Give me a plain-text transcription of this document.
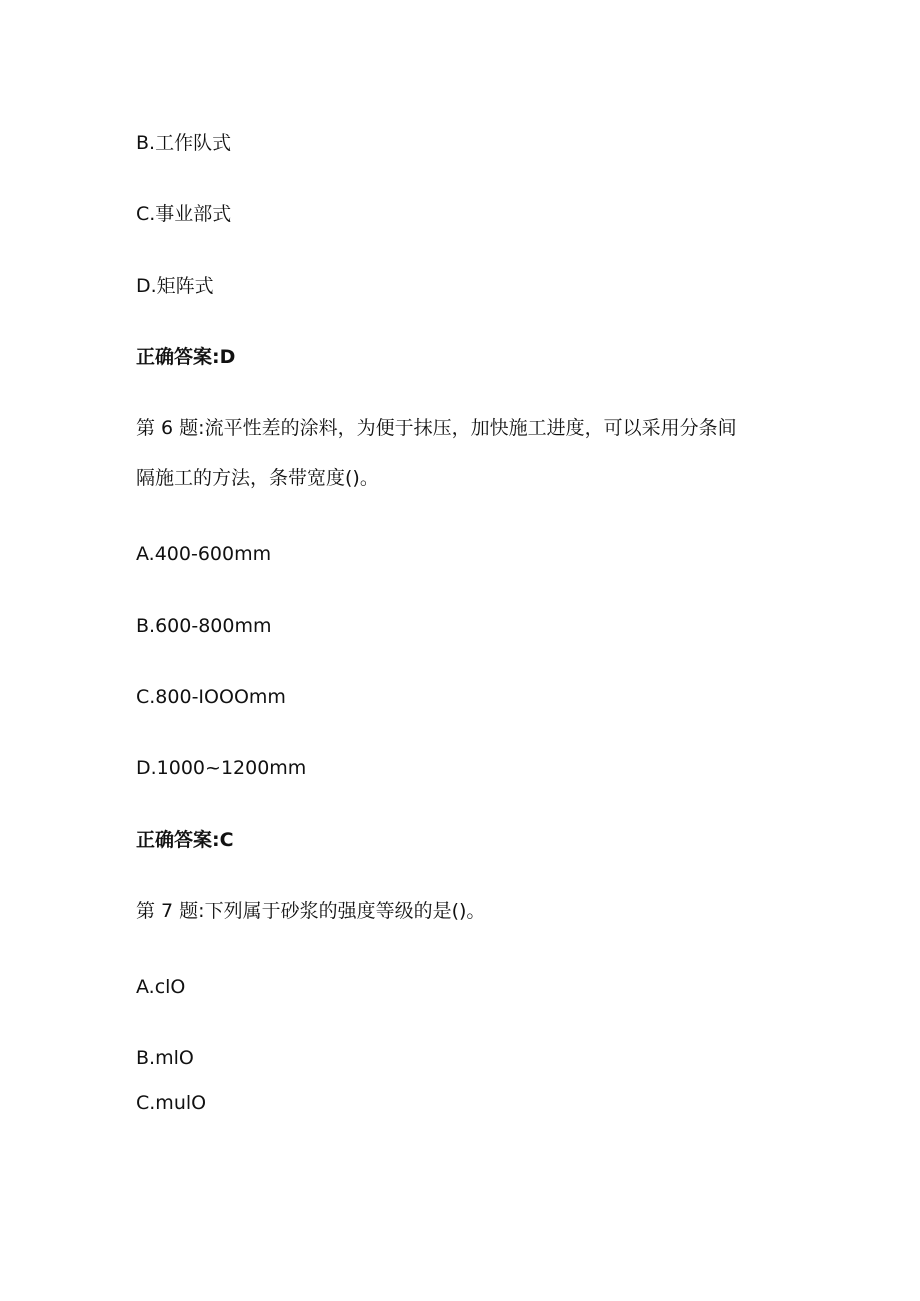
B.工作队式
C.事业部式
D.矩阵式
正确答案:D
第 6 题:流平性差的涂料，为便于抹压，加快施工进度，可以采用分条间
隔施工的方法，条带宽度()。
A.400-600mm
B.600-800mm
C.800-IOOOmm
D.1000~1200mm
正确答案:C
第 7 题:下列属于砂浆的强度等级的是()。
A.clO
B.mlO
C.mulO
